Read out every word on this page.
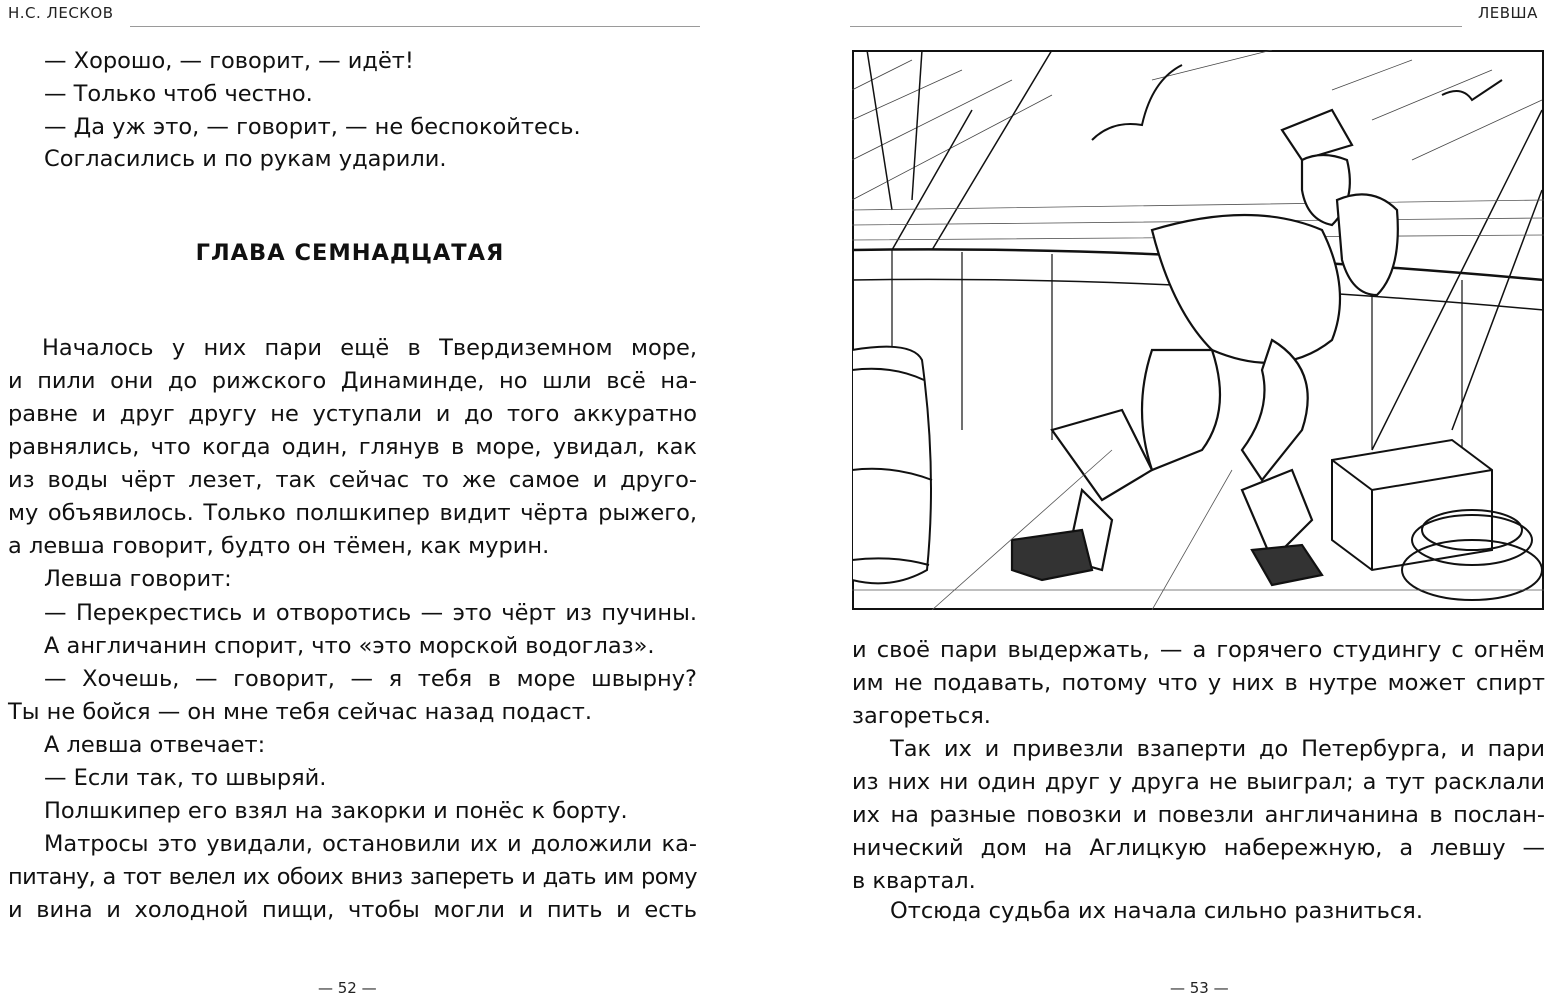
Н.С. ЛЕСКОВ
— Хорошо, — говорит, — идёт!
— Только чтоб честно.
— Да уж это, — говорит, — не беспокойтесь.
Согласились и по рукам ударили.
ГЛАВА СЕМНАДЦАТАЯ
Началось у них пари ещё в Твердиземном море,
и пили они до рижского Динаминде, но шли всё на-
равне и друг другу не уступали и до того аккуратно
равнялись, что когда один, глянув в море, увидал, как
из воды чёрт лезет, так сейчас то же самое и друго-
му объявилось. Только полшкипер видит чёрта рыжего,
а левша говорит, будто он тёмен, как мурин.
Левша говорит:
— Перекрестись и отворотись — это чёрт из пучины.
А англичанин спорит, что «это морской водоглаз».
— Хочешь, — говорит, — я тебя в море швырну?
Ты не бойся — он мне тебя сейчас назад подаст.
А левша отвечает:
— Если так, то швыряй.
Полшкипер его взял на закорки и понёс к борту.
Матросы это увидали, остановили их и доложили ка-
питану, а тот велел их обоих вниз запереть и дать им рому
и вина и холодной пищи, чтобы могли и пить и есть
— 52 —
ЛЕВША
и своё пари выдержать, — а горячего студингу с огнём
им не подавать, потому что у них в нутре может спирт
загореться.
Так их и привезли взаперти до Петербурга, и пари
из них ни один друг у друга не выиграл; а тут расклали
их на разные повозки и повезли англичанина в послан-
нический дом на Аглицкую набережную, а левшу —
в квартал.
Отсюда судьба их начала сильно разниться.
— 53 —
